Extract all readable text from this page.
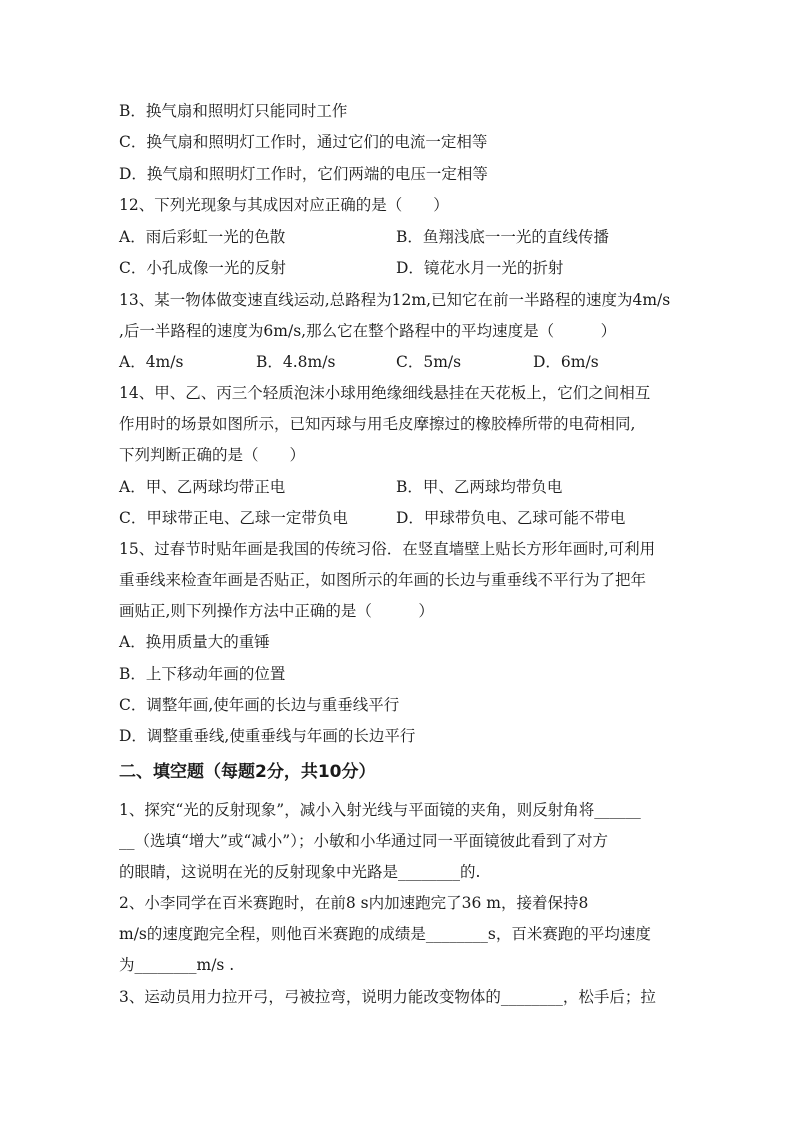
B．换气扇和照明灯只能同时工作
C．换气扇和照明灯工作时，通过它们的电流一定相等
D．换气扇和照明灯工作时，它们两端的电压一定相等
12、下列光现象与其成因对应正确的是（　　）
A．雨后彩虹一光的色散	B．鱼翔浅底一一光的直线传播
C．小孔成像一光的反射	D．镜花水月一光的折射
13、某一物体做变速直线运动,总路程为12m,已知它在前一半路程的速度为4m/s
,后一半路程的速度为6m/s,那么它在整个路程中的平均速度是（　　　）
A．4m/s	B．4.8m/s	C．5m/s	D．6m/s
14、甲、乙、丙三个轻质泡沫小球用绝缘细线悬挂在天花板上，它们之间相互
作用时的场景如图所示，已知丙球与用毛皮摩擦过的橡胶棒所带的电荷相同,
下列判断正确的是（　　）
A．甲、乙两球均带正电	B．甲、乙两球均带负电
C．甲球带正电、乙球一定带负电	D．甲球带负电、乙球可能不带电
15、过春节时贴年画是我国的传统习俗．在竖直墙壁上贴长方形年画时,可利用
重垂线来检查年画是否贴正，如图所示的年画的长边与重垂线不平行为了把年
画贴正,则下列操作方法中正确的是（　　　）
A．换用质量大的重锤
B．上下移动年画的位置
C．调整年画,使年画的长边与重垂线平行
D．调整重垂线,使重垂线与年画的长边平行
二、填空题（每题2分，共10分）
1、探究“光的反射现象”，减小入射光线与平面镜的夹角，则反射角将______
__（选填“增大”或“减小”）；小敏和小华通过同一平面镜彼此看到了对方
的眼睛，这说明在光的反射现象中光路是________的.
2、小李同学在百米赛跑时，在前8 s内加速跑完了36 m，接着保持8
m/s的速度跑完全程，则他百米赛跑的成绩是________s，百米赛跑的平均速度
为________m/s .
3、运动员用力拉开弓，弓被拉弯，说明力能改变物体的________，松手后；拉
